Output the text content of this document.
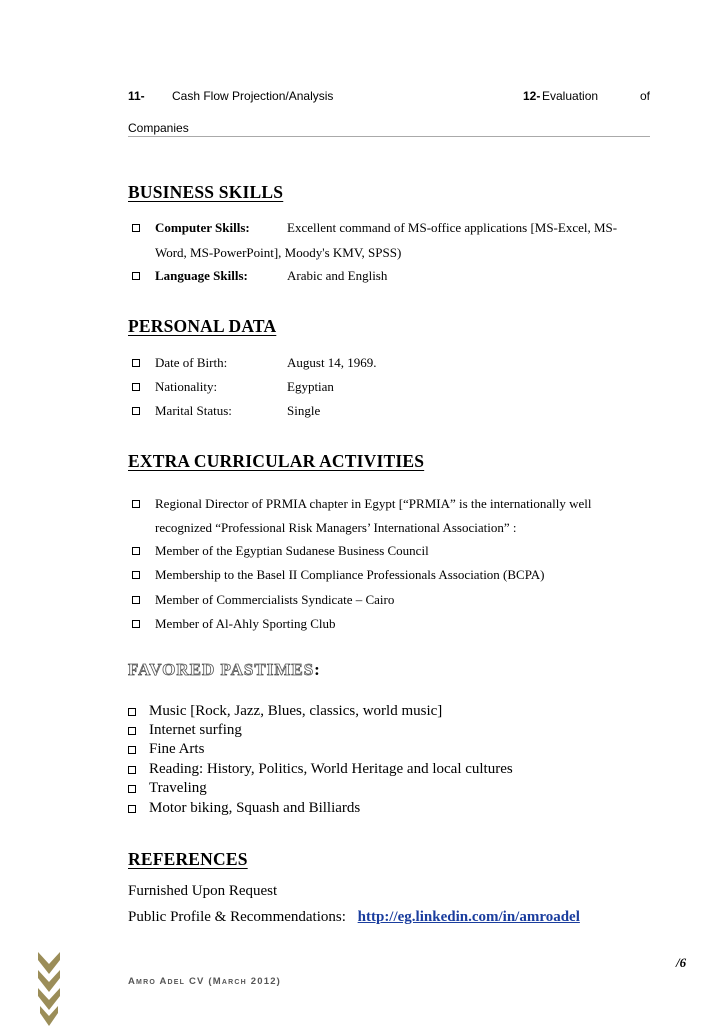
11- Cash Flow Projection/Analysis	12- Evaluation	of
Companies
BUSINESS SKILLS
Computer Skills:	Excellent command of MS-office applications [MS-Excel, MS-
Word, MS-PowerPoint], Moody's KMV, SPSS)
Language Skills:	Arabic and English
PERSONAL DATA
Date of Birth:	August 14, 1969.
Nationality:	Egyptian
Marital Status:	Single
EXTRA CURRICULAR ACTIVITIES
Regional Director of PRMIA chapter in Egypt [“PRMIA” is the internationally well
recognized “Professional Risk Managers’ International Association” :
Member of the Egyptian Sudanese Business Council
Membership to the Basel II Compliance Professionals Association (BCPA)
Member of Commercialists Syndicate – Cairo
Member of Al-Ahly Sporting Club
FAVORED PASTIMES:
Music [Rock, Jazz, Blues, classics, world music]
Internet surfing
Fine Arts
Reading: History, Politics, World Heritage and local cultures
Traveling
Motor biking, Squash and Billiards
REFERENCES
Furnished Upon Request
Public Profile & Recommendations: http://eg.linkedin.com/in/amroadel
/6
Amro Adel CV (March 2012)
